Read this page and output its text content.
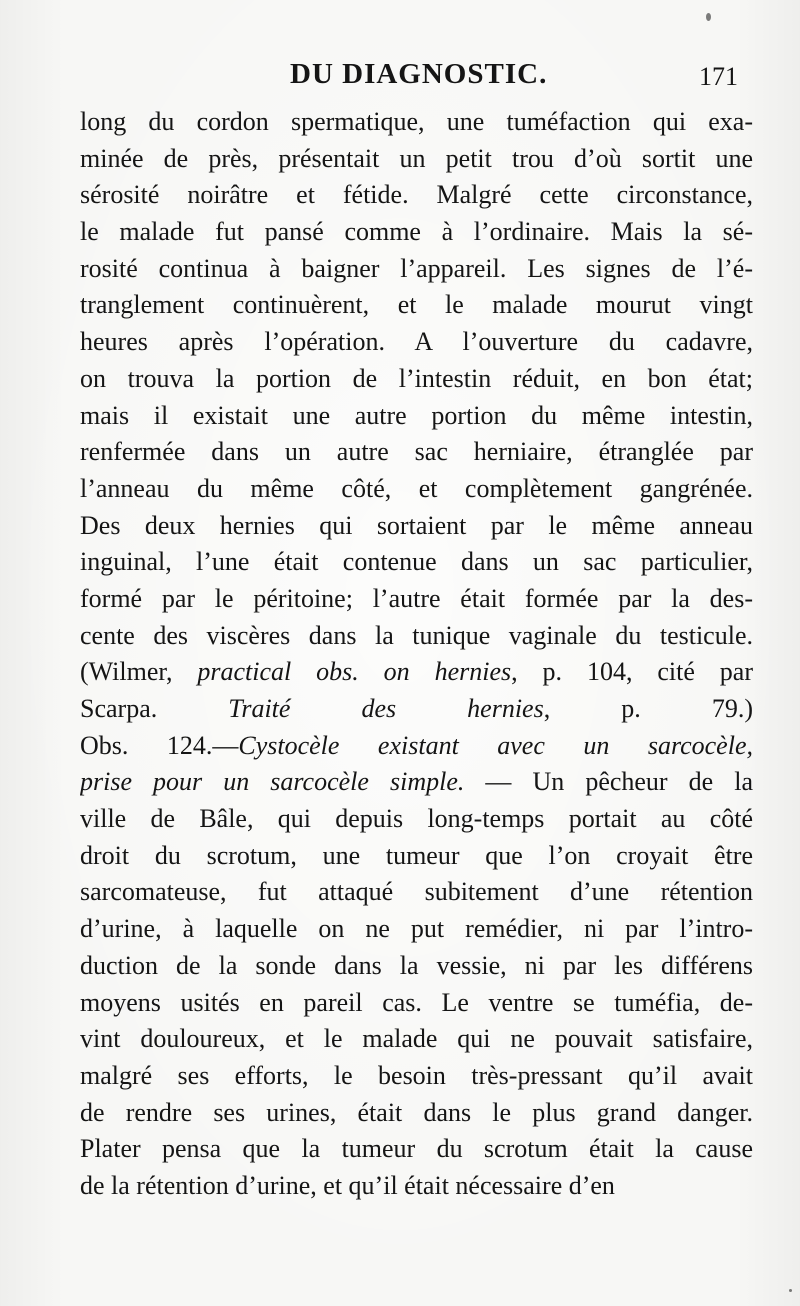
DU DIAGNOSTIC.	171
long du cordon spermatique, une tuméfaction qui exa-
minée de près, présentait un petit trou d’où sortit une
sérosité noirâtre et fétide. Malgré cette circonstance,
le malade fut pansé comme à l’ordinaire. Mais la sé-
rosité continua à baigner l’appareil. Les signes de l’é-
tranglement continuèrent, et le malade mourut vingt
heures après l’opération. A l’ouverture du cadavre,
on trouva la portion de l’intestin réduit, en bon état;
mais il existait une autre portion du même intestin,
renfermée dans un autre sac herniaire, étranglée par
l’anneau du même côté, et complètement gangrénée.
Des deux hernies qui sortaient par le même anneau
inguinal, l’une était contenue dans un sac particulier,
formé par le péritoine; l’autre était formée par la des-
cente des viscères dans la tunique vaginale du testicule.
(Wilmer, practical obs. on hernies, p. 104, cité par
Scarpa. Traité des hernies, p. 79.)
Obs. 124.—Cystocèle existant avec un sarcocèle,
prise pour un sarcocèle simple. — Un pêcheur de la
ville de Bâle, qui depuis long-temps portait au côté
droit du scrotum, une tumeur que l’on croyait être
sarcomateuse, fut attaqué subitement d’une rétention
d’urine, à laquelle on ne put remédier, ni par l’intro-
duction de la sonde dans la vessie, ni par les différens
moyens usités en pareil cas. Le ventre se tuméfia, de-
vint douloureux, et le malade qui ne pouvait satisfaire,
malgré ses efforts, le besoin très-pressant qu’il avait
de rendre ses urines, était dans le plus grand danger.
Plater pensa que la tumeur du scrotum était la cause
de la rétention d’urine, et qu’il était nécessaire d’en
